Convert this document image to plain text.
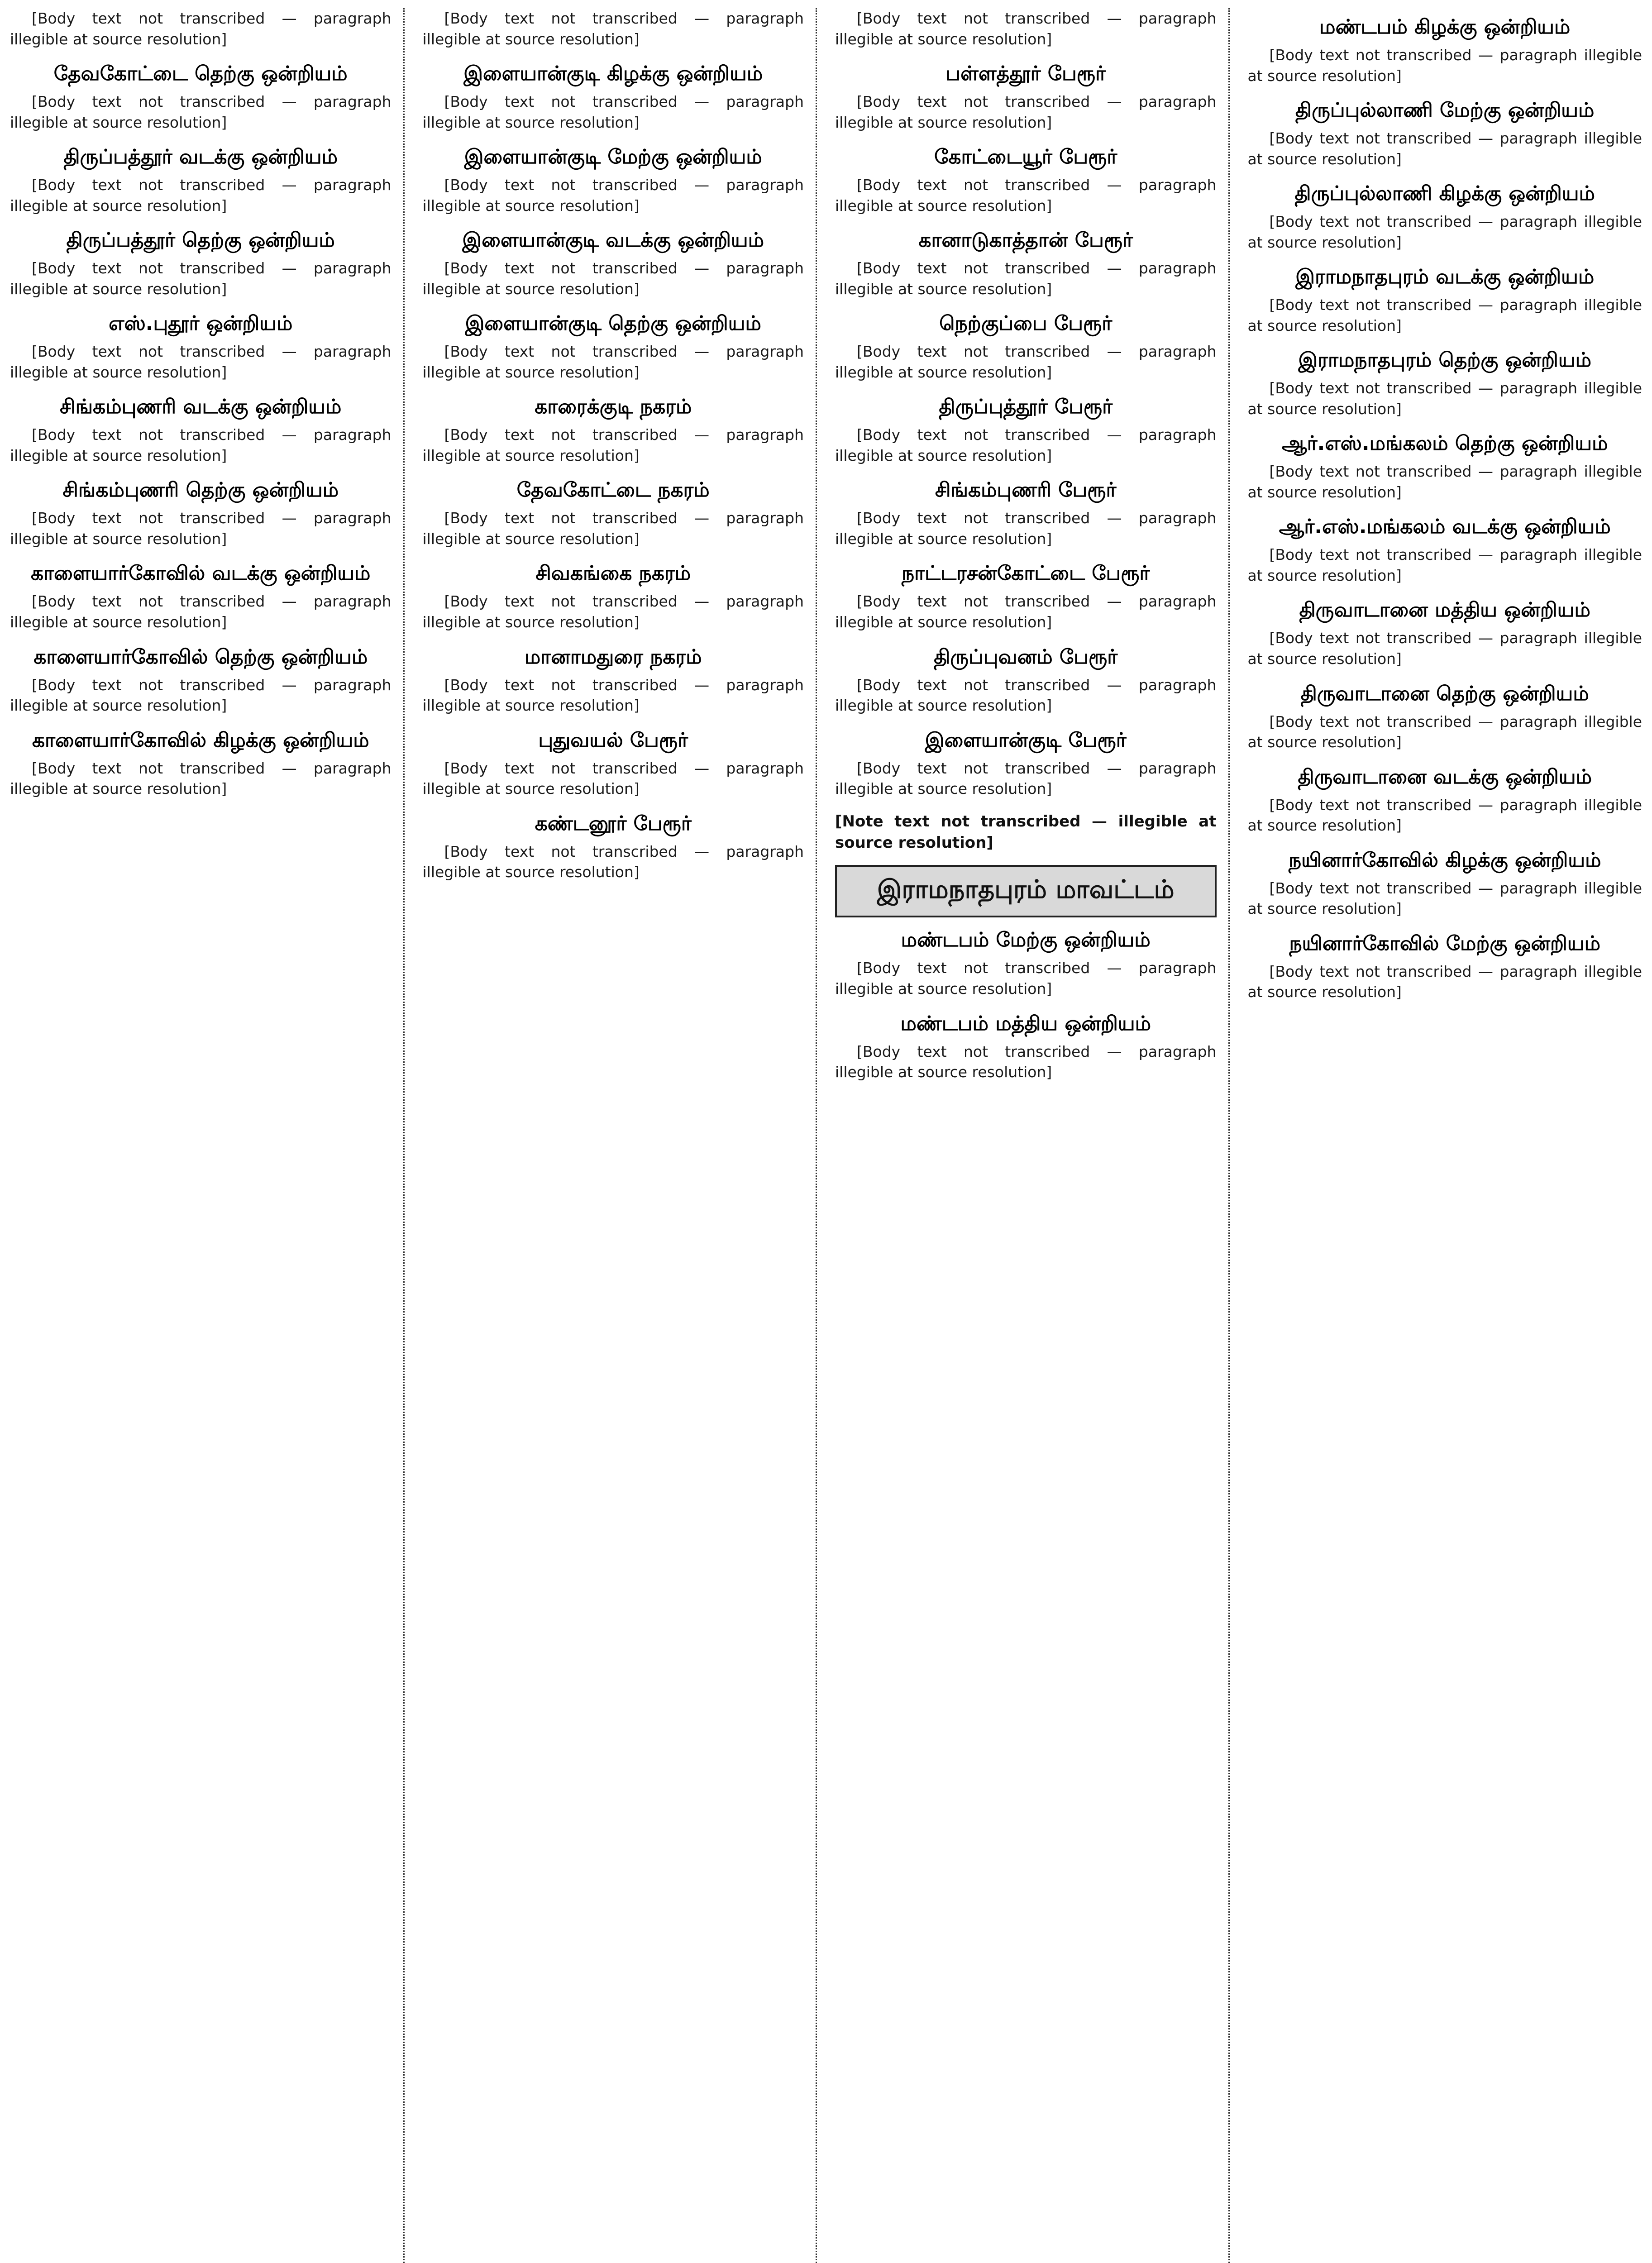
[Body text not transcribed — paragraph illegible at source resolution]

தேவகோட்டை தெற்கு ஒன்றியம்

[Body text not transcribed — paragraph illegible at source resolution]

திருப்பத்தூர் வடக்கு ஒன்றியம்

[Body text not transcribed — paragraph illegible at source resolution]

திருப்பத்தூர் தெற்கு ஒன்றியம்

[Body text not transcribed — paragraph illegible at source resolution]

எஸ்.புதூர் ஒன்றியம்

[Body text not transcribed — paragraph illegible at source resolution]

சிங்கம்புணரி வடக்கு ஒன்றியம்

[Body text not transcribed — paragraph illegible at source resolution]

சிங்கம்புணரி தெற்கு ஒன்றியம்

[Body text not transcribed — paragraph illegible at source resolution]

காளையார்கோவில் வடக்கு ஒன்றியம்

[Body text not transcribed — paragraph illegible at source resolution]

காளையார்கோவில் தெற்கு ஒன்றியம்

[Body text not transcribed — paragraph illegible at source resolution]

காளையார்கோவில் கிழக்கு ஒன்றியம்

[Body text not transcribed — paragraph illegible at source resolution]

[Body text not transcribed — paragraph illegible at source resolution]

இளையான்குடி கிழக்கு ஒன்றியம்

[Body text not transcribed — paragraph illegible at source resolution]

இளையான்குடி மேற்கு ஒன்றியம்

[Body text not transcribed — paragraph illegible at source resolution]

இளையான்குடி வடக்கு ஒன்றியம்

[Body text not transcribed — paragraph illegible at source resolution]

இளையான்குடி தெற்கு ஒன்றியம்

[Body text not transcribed — paragraph illegible at source resolution]

காரைக்குடி நகரம்

[Body text not transcribed — paragraph illegible at source resolution]

தேவகோட்டை நகரம்

[Body text not transcribed — paragraph illegible at source resolution]

சிவகங்கை நகரம்

[Body text not transcribed — paragraph illegible at source resolution]

மானாமதுரை நகரம்

[Body text not transcribed — paragraph illegible at source resolution]

புதுவயல் பேரூர்

[Body text not transcribed — paragraph illegible at source resolution]

கண்டனூர் பேரூர்

[Body text not transcribed — paragraph illegible at source resolution]

[Body text not transcribed — paragraph illegible at source resolution]

பள்ளத்தூர் பேரூர்

[Body text not transcribed — paragraph illegible at source resolution]

கோட்டையூர் பேரூர்

[Body text not transcribed — paragraph illegible at source resolution]

கானாடுகாத்தான் பேரூர்

[Body text not transcribed — paragraph illegible at source resolution]

நெற்குப்பை பேரூர்

[Body text not transcribed — paragraph illegible at source resolution]

திருப்புத்தூர் பேரூர்

[Body text not transcribed — paragraph illegible at source resolution]

சிங்கம்புணரி பேரூர்

[Body text not transcribed — paragraph illegible at source resolution]

நாட்டரசன்கோட்டை பேரூர்

[Body text not transcribed — paragraph illegible at source resolution]

திருப்புவனம் பேரூர்

[Body text not transcribed — paragraph illegible at source resolution]

இளையான்குடி பேரூர்

[Body text not transcribed — paragraph illegible at source resolution]

[Note text not transcribed — illegible at source resolution]

இராமநாதபுரம் மாவட்டம்
மண்டபம் மேற்கு ஒன்றியம்

[Body text not transcribed — paragraph illegible at source resolution]

மண்டபம் மத்திய ஒன்றியம்

[Body text not transcribed — paragraph illegible at source resolution]

மண்டபம் கிழக்கு ஒன்றியம்

[Body text not transcribed — paragraph illegible at source resolution]

திருப்புல்லாணி மேற்கு ஒன்றியம்

[Body text not transcribed — paragraph illegible at source resolution]

திருப்புல்லாணி கிழக்கு ஒன்றியம்

[Body text not transcribed — paragraph illegible at source resolution]

இராமநாதபுரம் வடக்கு ஒன்றியம்

[Body text not transcribed — paragraph illegible at source resolution]

இராமநாதபுரம் தெற்கு ஒன்றியம்

[Body text not transcribed — paragraph illegible at source resolution]

ஆர்.எஸ்.மங்கலம் தெற்கு ஒன்றியம்

[Body text not transcribed — paragraph illegible at source resolution]

ஆர்.எஸ்.மங்கலம் வடக்கு ஒன்றியம்

[Body text not transcribed — paragraph illegible at source resolution]

திருவாடானை மத்திய ஒன்றியம்

[Body text not transcribed — paragraph illegible at source resolution]

திருவாடானை தெற்கு ஒன்றியம்

[Body text not transcribed — paragraph illegible at source resolution]

திருவாடானை வடக்கு ஒன்றியம்

[Body text not transcribed — paragraph illegible at source resolution]

நயினார்கோவில் கிழக்கு ஒன்றியம்

[Body text not transcribed — paragraph illegible at source resolution]

நயினார்கோவில் மேற்கு ஒன்றியம்

[Body text not transcribed — paragraph illegible at source resolution]
